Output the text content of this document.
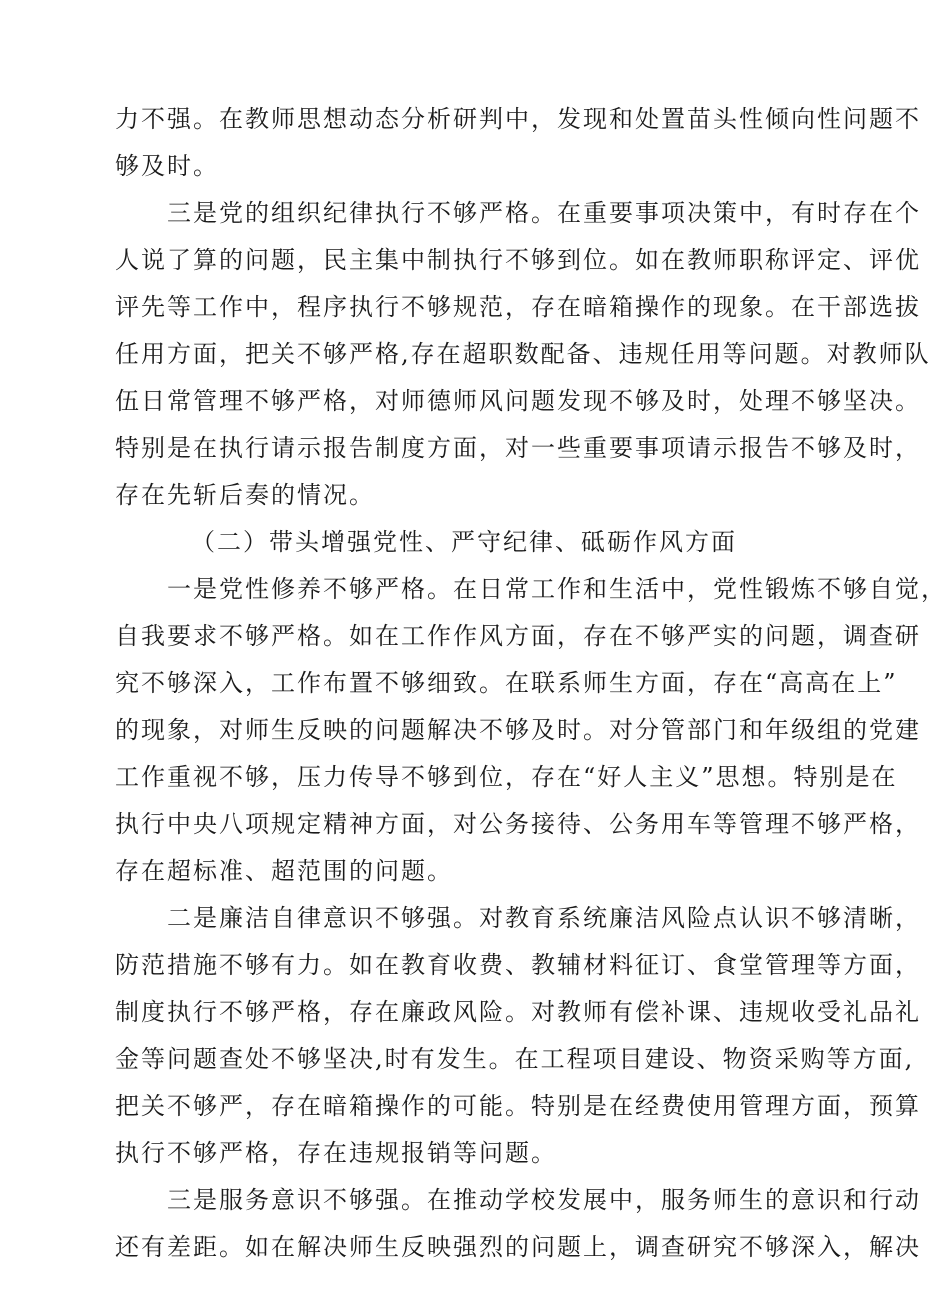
力不强。在教师思想动态分析研判中，发现和处置苗头性倾向性问题不
够及时。
三是党的组织纪律执行不够严格。在重要事项决策中，有时存在个
人说了算的问题，民主集中制执行不够到位。如在教师职称评定、评优
评先等工作中，程序执行不够规范，存在暗箱操作的现象。在干部选拔
任用方面，把关不够严格,存在超职数配备、违规任用等问题。对教师队
伍日常管理不够严格，对师德师风问题发现不够及时，处理不够坚决。
特别是在执行请示报告制度方面，对一些重要事项请示报告不够及时，
存在先斩后奏的情况。
（二）带头增强党性、严守纪律、砥砺作风方面
一是党性修养不够严格。在日常工作和生活中，党性锻炼不够自觉，
自我要求不够严格。如在工作作风方面，存在不够严实的问题，调查研
究不够深入，工作布置不够细致。在联系师生方面，存在“高高在上”
的现象，对师生反映的问题解决不够及时。对分管部门和年级组的党建
工作重视不够，压力传导不够到位，存在“好人主义”思想。特别是在
执行中央八项规定精神方面，对公务接待、公务用车等管理不够严格，
存在超标准、超范围的问题。
二是廉洁自律意识不够强。对教育系统廉洁风险点认识不够清晰，
防范措施不够有力。如在教育收费、教辅材料征订、食堂管理等方面，
制度执行不够严格，存在廉政风险。对教师有偿补课、违规收受礼品礼
金等问题查处不够坚决,时有发生。在工程项目建设、物资采购等方面,
把关不够严，存在暗箱操作的可能。特别是在经费使用管理方面，预算
执行不够严格，存在违规报销等问题。
三是服务意识不够强。在推动学校发展中，服务师生的意识和行动
还有差距。如在解决师生反映强烈的问题上，调查研究不够深入，解决
